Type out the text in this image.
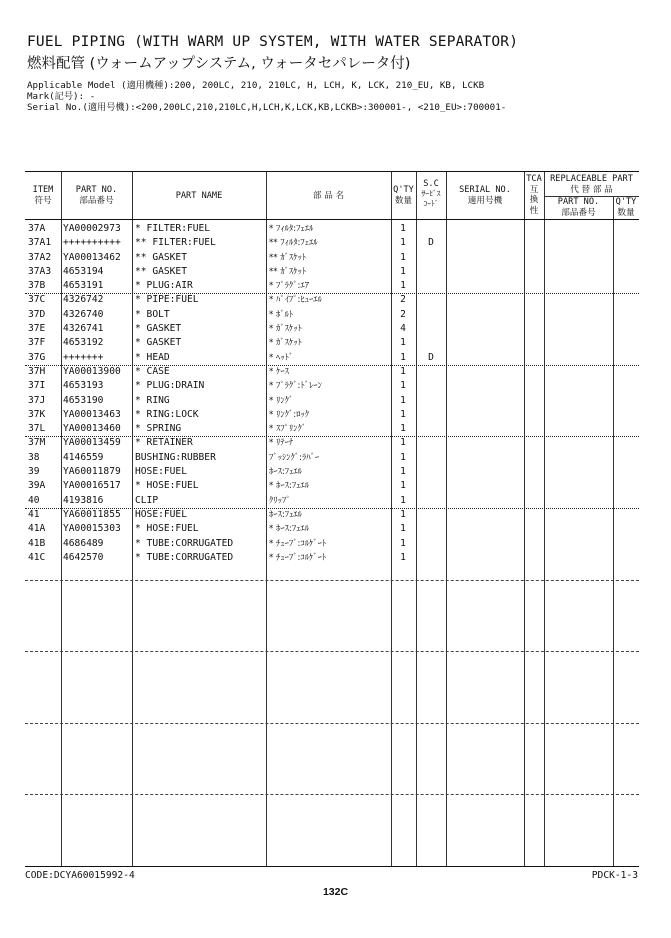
FUEL PIPING (WITH WARM UP SYSTEM, WITH WATER SEPARATOR)
燃料配管 (ウォームアップシステム, ウォータセパレータ付)
Applicable Model (適用機種):200, 200LC, 210, 210LC, H, LCH, K, LCK, 210_EU, KB, LCKB
Mark(記号): -
Serial No.(適用号機):<200,200LC,210,210LC,H,LCH,K,LCK,KB,LCKB>:300001-, <210_EU>:700001-
ITEM
符号
PART NO.
部品番号	PART NAME	部 品 名
Q'TY
数量
S.C
ｻｰﾋﾞｽ
ｺｰﾄﾞ
SERIAL NO.
適用号機
TCA
互
換
性
REPLACEABLE PART
代 替 部 品
PART NO.
部品番号
Q'TY
数量
37A YA00002973 * FILTER:FUEL	* ﾌｨﾙﾀ:ﾌｪｴﾙ	1
37A1 ++++++++++ ** FILTER:FUEL	** ﾌｨﾙﾀ:ﾌｪｴﾙ	1	D
37A2 YA00013462 ** GASKET	** ｶﾞｽｹｯﾄ	1
37A3 4653194	** GASKET	** ｶﾞｽｹｯﾄ	1
37B 4653191	* PLUG:AIR	* ﾌﾟﾗｸﾞ:ｴｱ	1
37C 4326742	* PIPE:FUEL	* ﾊﾟｲﾌﾟ:ﾋｭｰｴﾙ	2
37D 4326740	* BOLT	* ﾎﾞﾙﾄ	2
37E 4326741	* GASKET	* ｶﾞｽｹｯﾄ	4
37F 4653192	* GASKET	* ｶﾞｽｹｯﾄ	1
37G +++++++	* HEAD	* ﾍｯﾄﾞ	1	D
37H YA00013900 * CASE	* ｹｰｽ	1
37I 4653193	* PLUG:DRAIN	* ﾌﾟﾗｸﾞ:ﾄﾞﾚｰﾝ	1
37J 4653190	* RING	* ﾘﾝｸﾞ	1
37K YA00013463 * RING:LOCK	* ﾘﾝｸﾞ:ﾛｯｸ	1
37L YA00013460 * SPRING	* ｽﾌﾟﾘﾝｸﾞ	1
37M YA00013459 * RETAINER	* ﾘﾃｰﾅ	1
38 4146559	BUSHING:RUBBER	ﾌﾞｯｼﾝｸﾞ:ﾗﾊﾞｰ	1
39 YA60011879 HOSE:FUEL	ﾎｰｽ:ﾌｪｴﾙ	1
39A YA00016517 * HOSE:FUEL	* ﾎｰｽ:ﾌｪｴﾙ	1
40 4193816	CLIP	ｸﾘｯﾌﾟ	1
41 YA60011855 HOSE:FUEL	ﾎｰｽ:ﾌｪｴﾙ	1
41A YA00015303 * HOSE:FUEL	* ﾎｰｽ:ﾌｪｴﾙ	1
41B 4686489	* TUBE:CORRUGATED	* ﾁｭｰﾌﾞ:ｺﾙｹﾞｰﾄ	1
41C 4642570	* TUBE:CORRUGATED	* ﾁｭｰﾌﾞ:ｺﾙｹﾞｰﾄ	1
CODE:DCYA60015992-4	PDCK-1-3
132C
